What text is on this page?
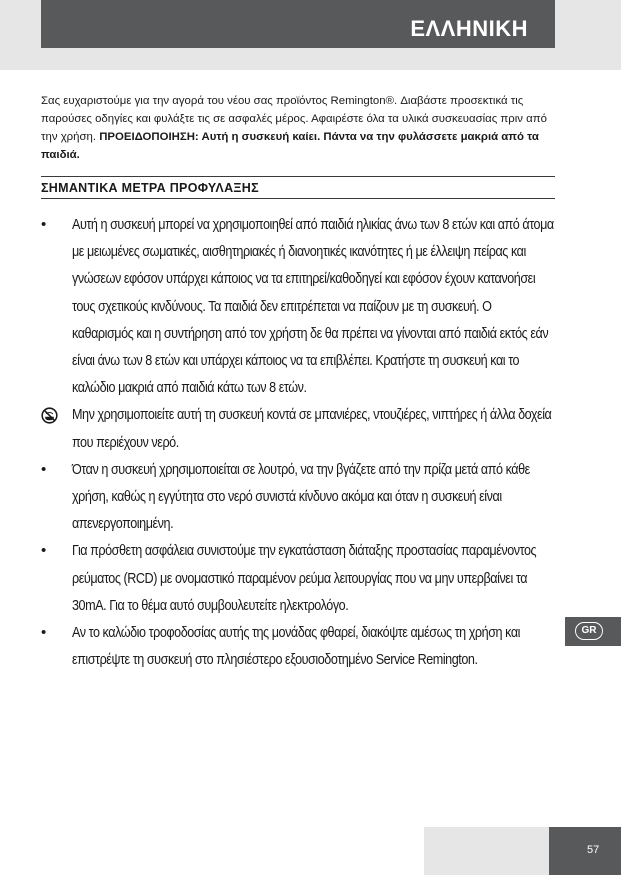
ΕΛΛΗΝΙΚΗ

Σας ευχαριστούμε για την αγορά του νέου σας προϊόντος Remington®. Διαβάστε προσεκτικά τις παρούσες οδηγίες και φυλάξτε τις σε ασφαλές μέρος. Αφαιρέστε όλα τα υλικά συσκευασίας πριν από την χρήση. ΠΡΟΕΙΔΟΠΟΙΗΣΗ: Αυτή η συσκευή καίει. Πάντα να την φυλάσσετε μακριά από τα παιδιά.

ΣΗΜΑΝΤΙΚΑ ΜΕΤΡΑ ΠΡΟΦΥΛΑΞΗΣ
• Αυτή η συσκευή μπορεί να χρησιμοποιηθεί από παιδιά ηλικίας άνω των 8 ετών και από άτομα με μειωμένες σωματικές, αισθητηριακές ή διανοητικές ικανότητες ή με έλλειψη πείρας και γνώσεων εφόσον υπάρχει κάποιος να τα επιτηρεί/καθοδηγεί και εφόσον έχουν κατανοήσει τους σχετικούς κινδύνους. Τα παιδιά δεν επιτρέπεται να παίζουν με τη συσκευή. Ο καθαρισμός και η συντήρηση από τον χρήστη δε θα πρέπει να γίνονται από παιδιά εκτός εάν είναι άνω των 8 ετών και υπάρχει κάποιος να τα επιβλέπει. Κρατήστε τη συσκευή και το καλώδιο μακριά από παιδιά κάτω των 8 ετών.
Μην χρησιμοποιείτε αυτή τη συσκευή κοντά σε μπανιέρες, ντουζιέρες, νιπτήρες ή άλλα δοχεία που περιέχουν νερό.
• Όταν η συσκευή χρησιμοποιείται σε λουτρό, να την βγάζετε από την πρίζα μετά από κάθε χρήση, καθώς η εγγύτητα στο νερό συνιστά κίνδυνο ακόμα και όταν η συσκευή είναι απενεργοποιημένη.
• Για πρόσθετη ασφάλεια συνιστούμε την εγκατάσταση διάταξης προστασίας παραμένοντος ρεύματος (RCD) με ονομαστικό παραμένον ρεύμα λειτουργίας που να μην υπερβαίνει τα 30mA. Για το θέμα αυτό συμβουλευτείτε ηλεκτρολόγο.
• Αν το καλώδιο τροφοδοσίας αυτής της μονάδας φθαρεί, διακόψτε αμέσως τη χρήση και επιστρέψτε τη συσκευή στο πλησιέστερο εξουσιοδοτημένο Service Remington.
GR
57
